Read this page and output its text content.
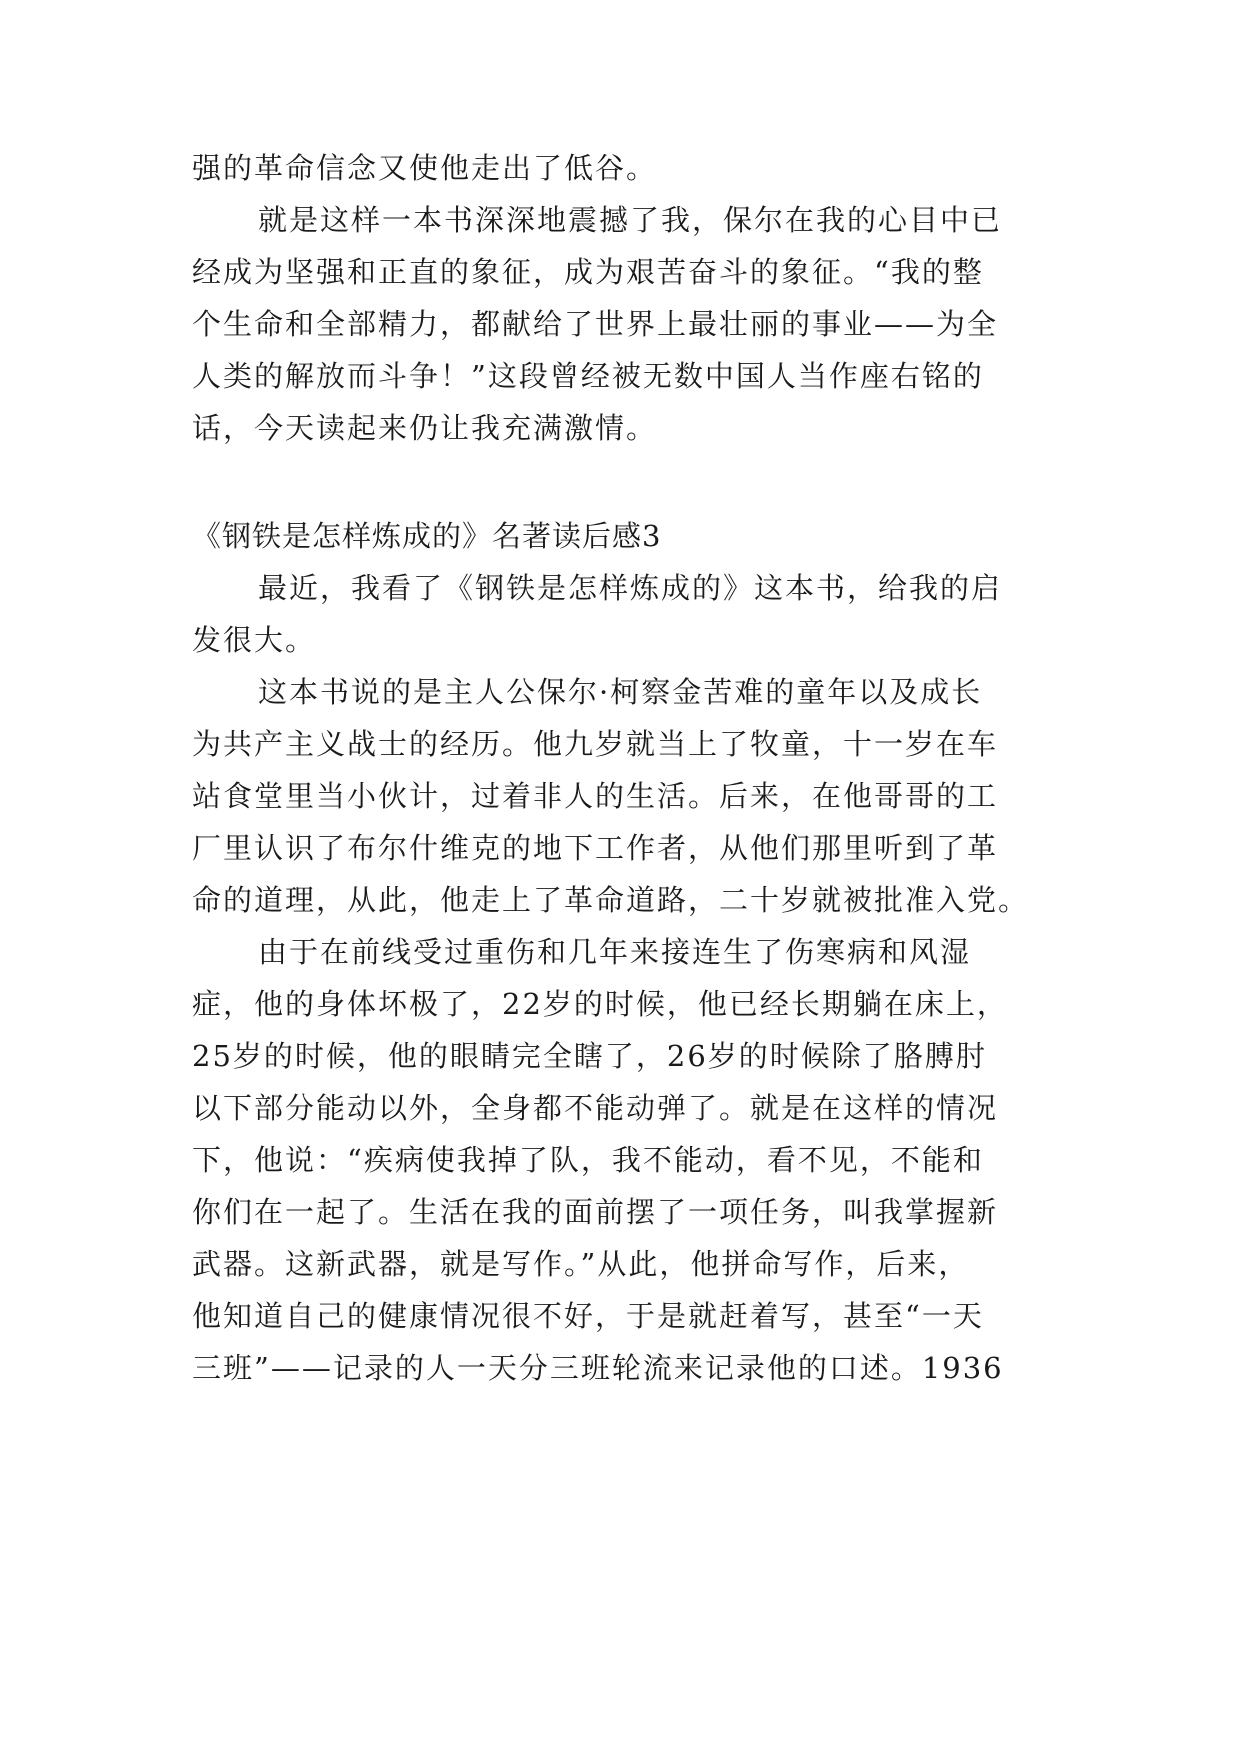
强的革命信念又使他走出了低谷。
就是这样一本书深深地震撼了我，保尔在我的心目中已
经成为坚强和正直的象征，成为艰苦奋斗的象征。“我的整
个生命和全部精力，都献给了世界上最壮丽的事业——为全
人类的解放而斗争！”这段曾经被无数中国人当作座右铭的
话，今天读起来仍让我充满激情。
《钢铁是怎样炼成的》名著读后感3
最近，我看了《钢铁是怎样炼成的》这本书，给我的启
发很大。
这本书说的是主人公保尔·柯察金苦难的童年以及成长
为共产主义战士的经历。他九岁就当上了牧童，十一岁在车
站食堂里当小伙计，过着非人的生活。后来，在他哥哥的工
厂里认识了布尔什维克的地下工作者，从他们那里听到了革
命的道理，从此，他走上了革命道路，二十岁就被批准入党。
由于在前线受过重伤和几年来接连生了伤寒病和风湿
症，他的身体坏极了，22岁的时候，他已经长期躺在床上，
25岁的时候，他的眼睛完全瞎了，26岁的时候除了胳膊肘
以下部分能动以外，全身都不能动弹了。就是在这样的情况
下，他说：“疾病使我掉了队，我不能动，看不见，不能和
你们在一起了。生活在我的面前摆了一项任务，叫我掌握新
武器。这新武器，就是写作。”从此，他拼命写作，后来，
他知道自己的健康情况很不好，于是就赶着写，甚至“一天
三班”——记录的人一天分三班轮流来记录他的口述。1936
